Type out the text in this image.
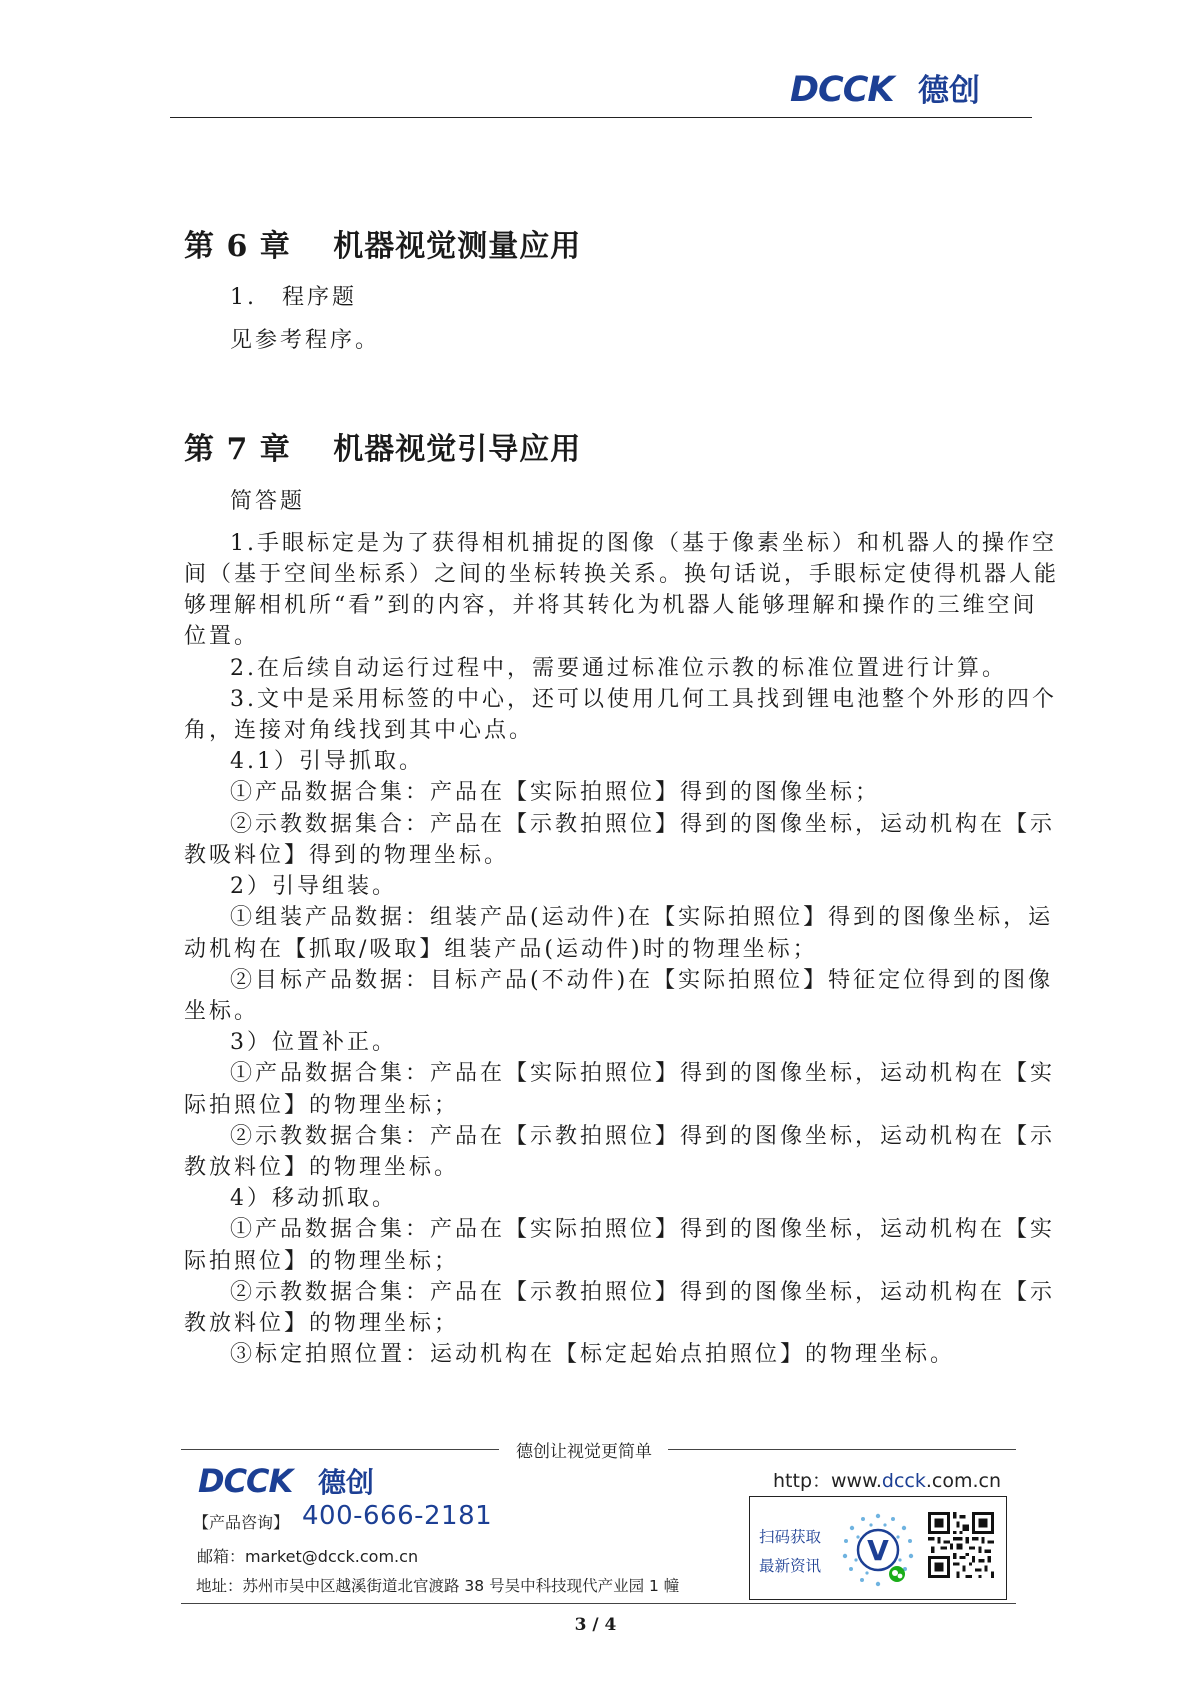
DCCK 德创
第 6 章　 机器视觉测量应用
1.　程序题
见参考程序。
第 7 章　 机器视觉引导应用
简答题
1.手眼标定是为了获得相机捕捉的图像（基于像素坐标）和机器人的操作空
间（基于空间坐标系）之间的坐标转换关系。换句话说，手眼标定使得机器人能
够理解相机所“看”到的内容，并将其转化为机器人能够理解和操作的三维空间
位置。
2.在后续自动运行过程中，需要通过标准位示教的标准位置进行计算。
3.文中是采用标签的中心，还可以使用几何工具找到锂电池整个外形的四个
角，连接对角线找到其中心点。
4.1）引导抓取。
①产品数据合集：产品在【实际拍照位】得到的图像坐标；
②示教数据集合：产品在【示教拍照位】得到的图像坐标，运动机构在【示
教吸料位】得到的物理坐标。
2）引导组装。
①组装产品数据：组装产品(运动件)在【实际拍照位】得到的图像坐标，运
动机构在【抓取/吸取】组装产品(运动件)时的物理坐标；
②目标产品数据：目标产品(不动件)在【实际拍照位】特征定位得到的图像
坐标。
3）位置补正。
①产品数据合集：产品在【实际拍照位】得到的图像坐标，运动机构在【实
际拍照位】的物理坐标；
②示教数据合集：产品在【示教拍照位】得到的图像坐标，运动机构在【示
教放料位】的物理坐标。
4）移动抓取。
①产品数据合集：产品在【实际拍照位】得到的图像坐标，运动机构在【实
际拍照位】的物理坐标；
②示教数据合集：产品在【示教拍照位】得到的图像坐标，运动机构在【示
教放料位】的物理坐标；
③标定拍照位置：运动机构在【标定起始点拍照位】的物理坐标。
德创让视觉更简单
DCCK 德创
【产品咨询】 400-666-2181
邮箱：market@dcck.com.cn
地址：苏州市吴中区越溪街道北官渡路 38 号吴中科技现代产业园 1 幢
http：www.dcck.com.cn
扫码获取
最新资讯 V
3 / 4
